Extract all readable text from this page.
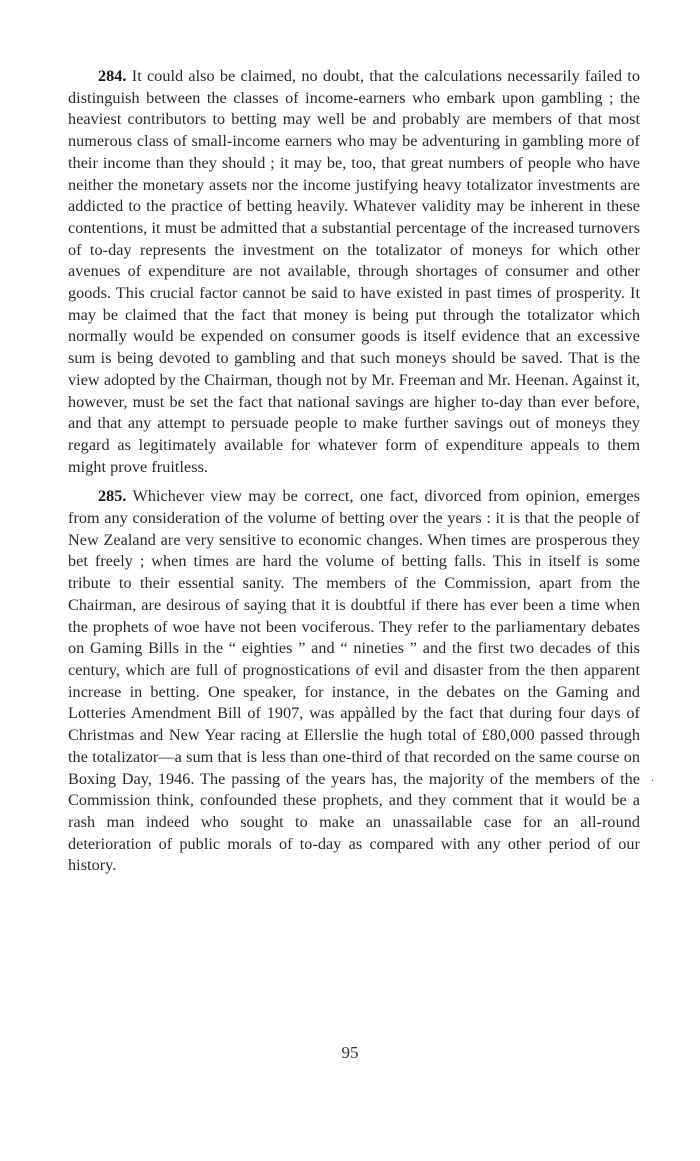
284. It could also be claimed, no doubt, that the calculations necessarily failed to distinguish between the classes of income-earners who embark upon gambling ; the heaviest contributors to betting may well be and probably are members of that most numerous class of small-income earners who may be adventuring in gambling more of their income than they should ; it may be, too, that great numbers of people who have neither the monetary assets nor the income justifying heavy totalizator investments are addicted to the practice of betting heavily. Whatever validity may be inherent in these contentions, it must be admitted that a substantial percentage of the increased turnovers of to-day represents the investment on the totalizator of moneys for which other avenues of expenditure are not available, through shortages of consumer and other goods. This crucial factor cannot be said to have existed in past times of prosperity. It may be claimed that the fact that money is being put through the totalizator which normally would be expended on consumer goods is itself evidence that an excessive sum is being devoted to gambling and that such moneys should be saved. That is the view adopted by the Chairman, though not by Mr. Freeman and Mr. Heenan. Against it, however, must be set the fact that national savings are higher to-day than ever before, and that any attempt to persuade people to make further savings out of moneys they regard as legitimately available for whatever form of expenditure appeals to them might prove fruitless.

285. Whichever view may be correct, one fact, divorced from opinion, emerges from any consideration of the volume of betting over the years : it is that the people of New Zealand are very sensitive to economic changes. When times are prosperous they bet freely ; when times are hard the volume of betting falls. This in itself is some tribute to their essential sanity. The members of the Commission, apart from the Chairman, are desirous of saying that it is doubtful if there has ever been a time when the prophets of woe have not been vociferous. They refer to the parliamentary debates on Gaming Bills in the “ eighties ” and “ nineties ” and the first two decades of this century, which are full of prognostications of evil and disaster from the then apparent increase in betting. One speaker, for instance, in the debates on the Gaming and Lotteries Amendment Bill of 1907, was appàlled by the fact that during four days of Christmas and New Year racing at Ellerslie the hugh total of £80,000 passed through the totalizator—a sum that is less than one-third of that recorded on the same course on Boxing Day, 1946. The passing of the years has, the majority of the members of the Commission think, confounded these prophets, and they comment that it would be a rash man indeed who sought to make an unassailable case for an all-round deterioration of public morals of to-day as compared with any other period of our history.

.
95
